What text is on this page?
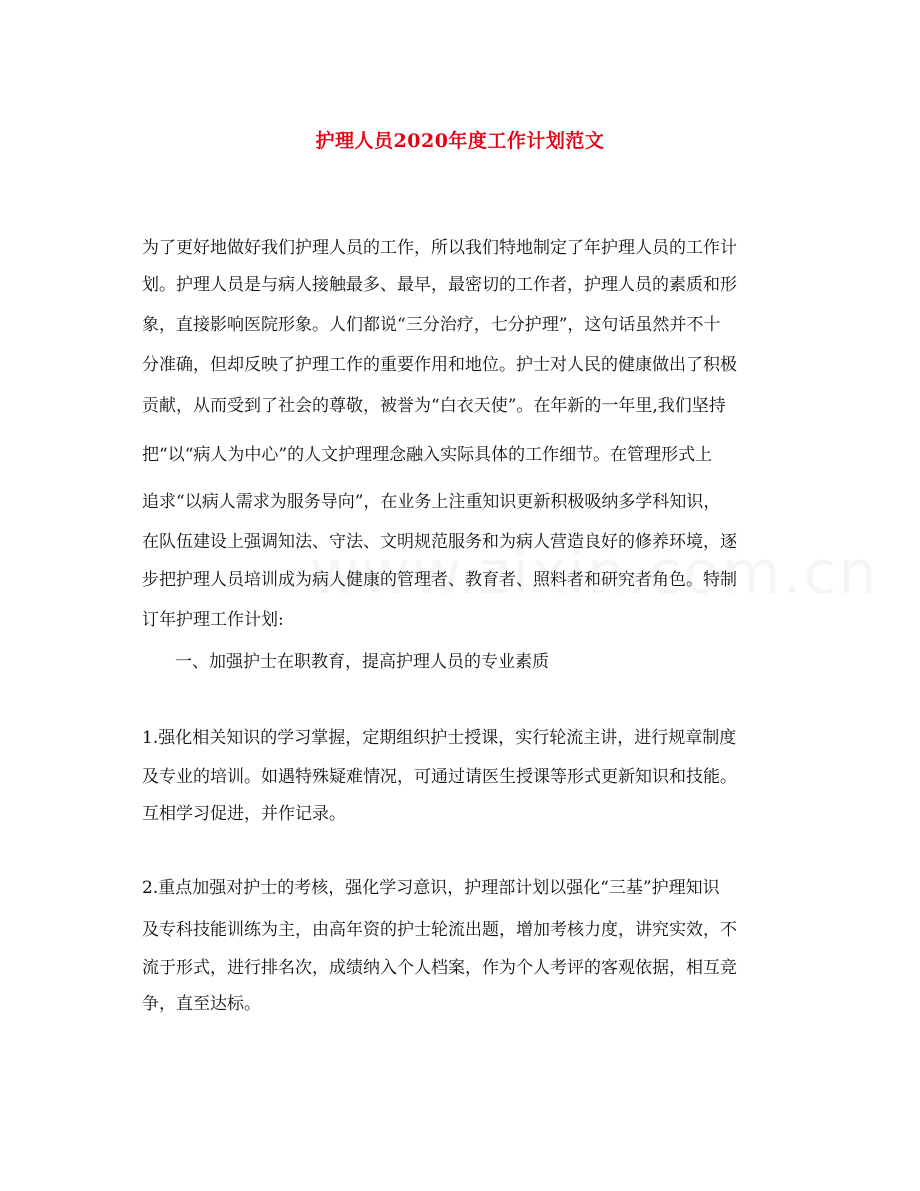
护理人员2020年度工作计划范文
为了更好地做好我们护理人员的工作，所以我们特地制定了年护理人员的工作计
划。护理人员是与病人接触最多、最早，最密切的工作者，护理人员的素质和形
象，直接影响医院形象。人们都说“三分治疗，七分护理”，这句话虽然并不十
分准确，但却反映了护理工作的重要作用和地位。护士对人民的健康做出了积极
贡献，从而受到了社会的尊敬，被誉为“白衣天使”。在年新的一年里,我们坚持
把“以“病人为中心”的人文护理理念融入实际具体的工作细节。在管理形式上
追求“以病人需求为服务导向”，在业务上注重知识更新积极吸纳多学科知识，
在队伍建设上强调知法、守法、文明规范服务和为病人营造良好的修养环境，逐
步把护理人员培训成为病人健康的管理者、教育者、照料者和研究者角色。特制
订年护理工作计划:
一、加强护士在职教育，提高护理人员的专业素质
1.强化相关知识的学习掌握，定期组织护士授课，实行轮流主讲，进行规章制度
及专业的培训。如遇特殊疑难情况，可通过请医生授课等形式更新知识和技能。
互相学习促进，并作记录。
2.重点加强对护士的考核，强化学习意识，护理部计划以强化“三基”护理知识
及专科技能训练为主，由高年资的护士轮流出题，增加考核力度，讲究实效，不
流于形式，进行排名次，成绩纳入个人档案，作为个人考评的客观依据，相互竞
争，直至达标。
